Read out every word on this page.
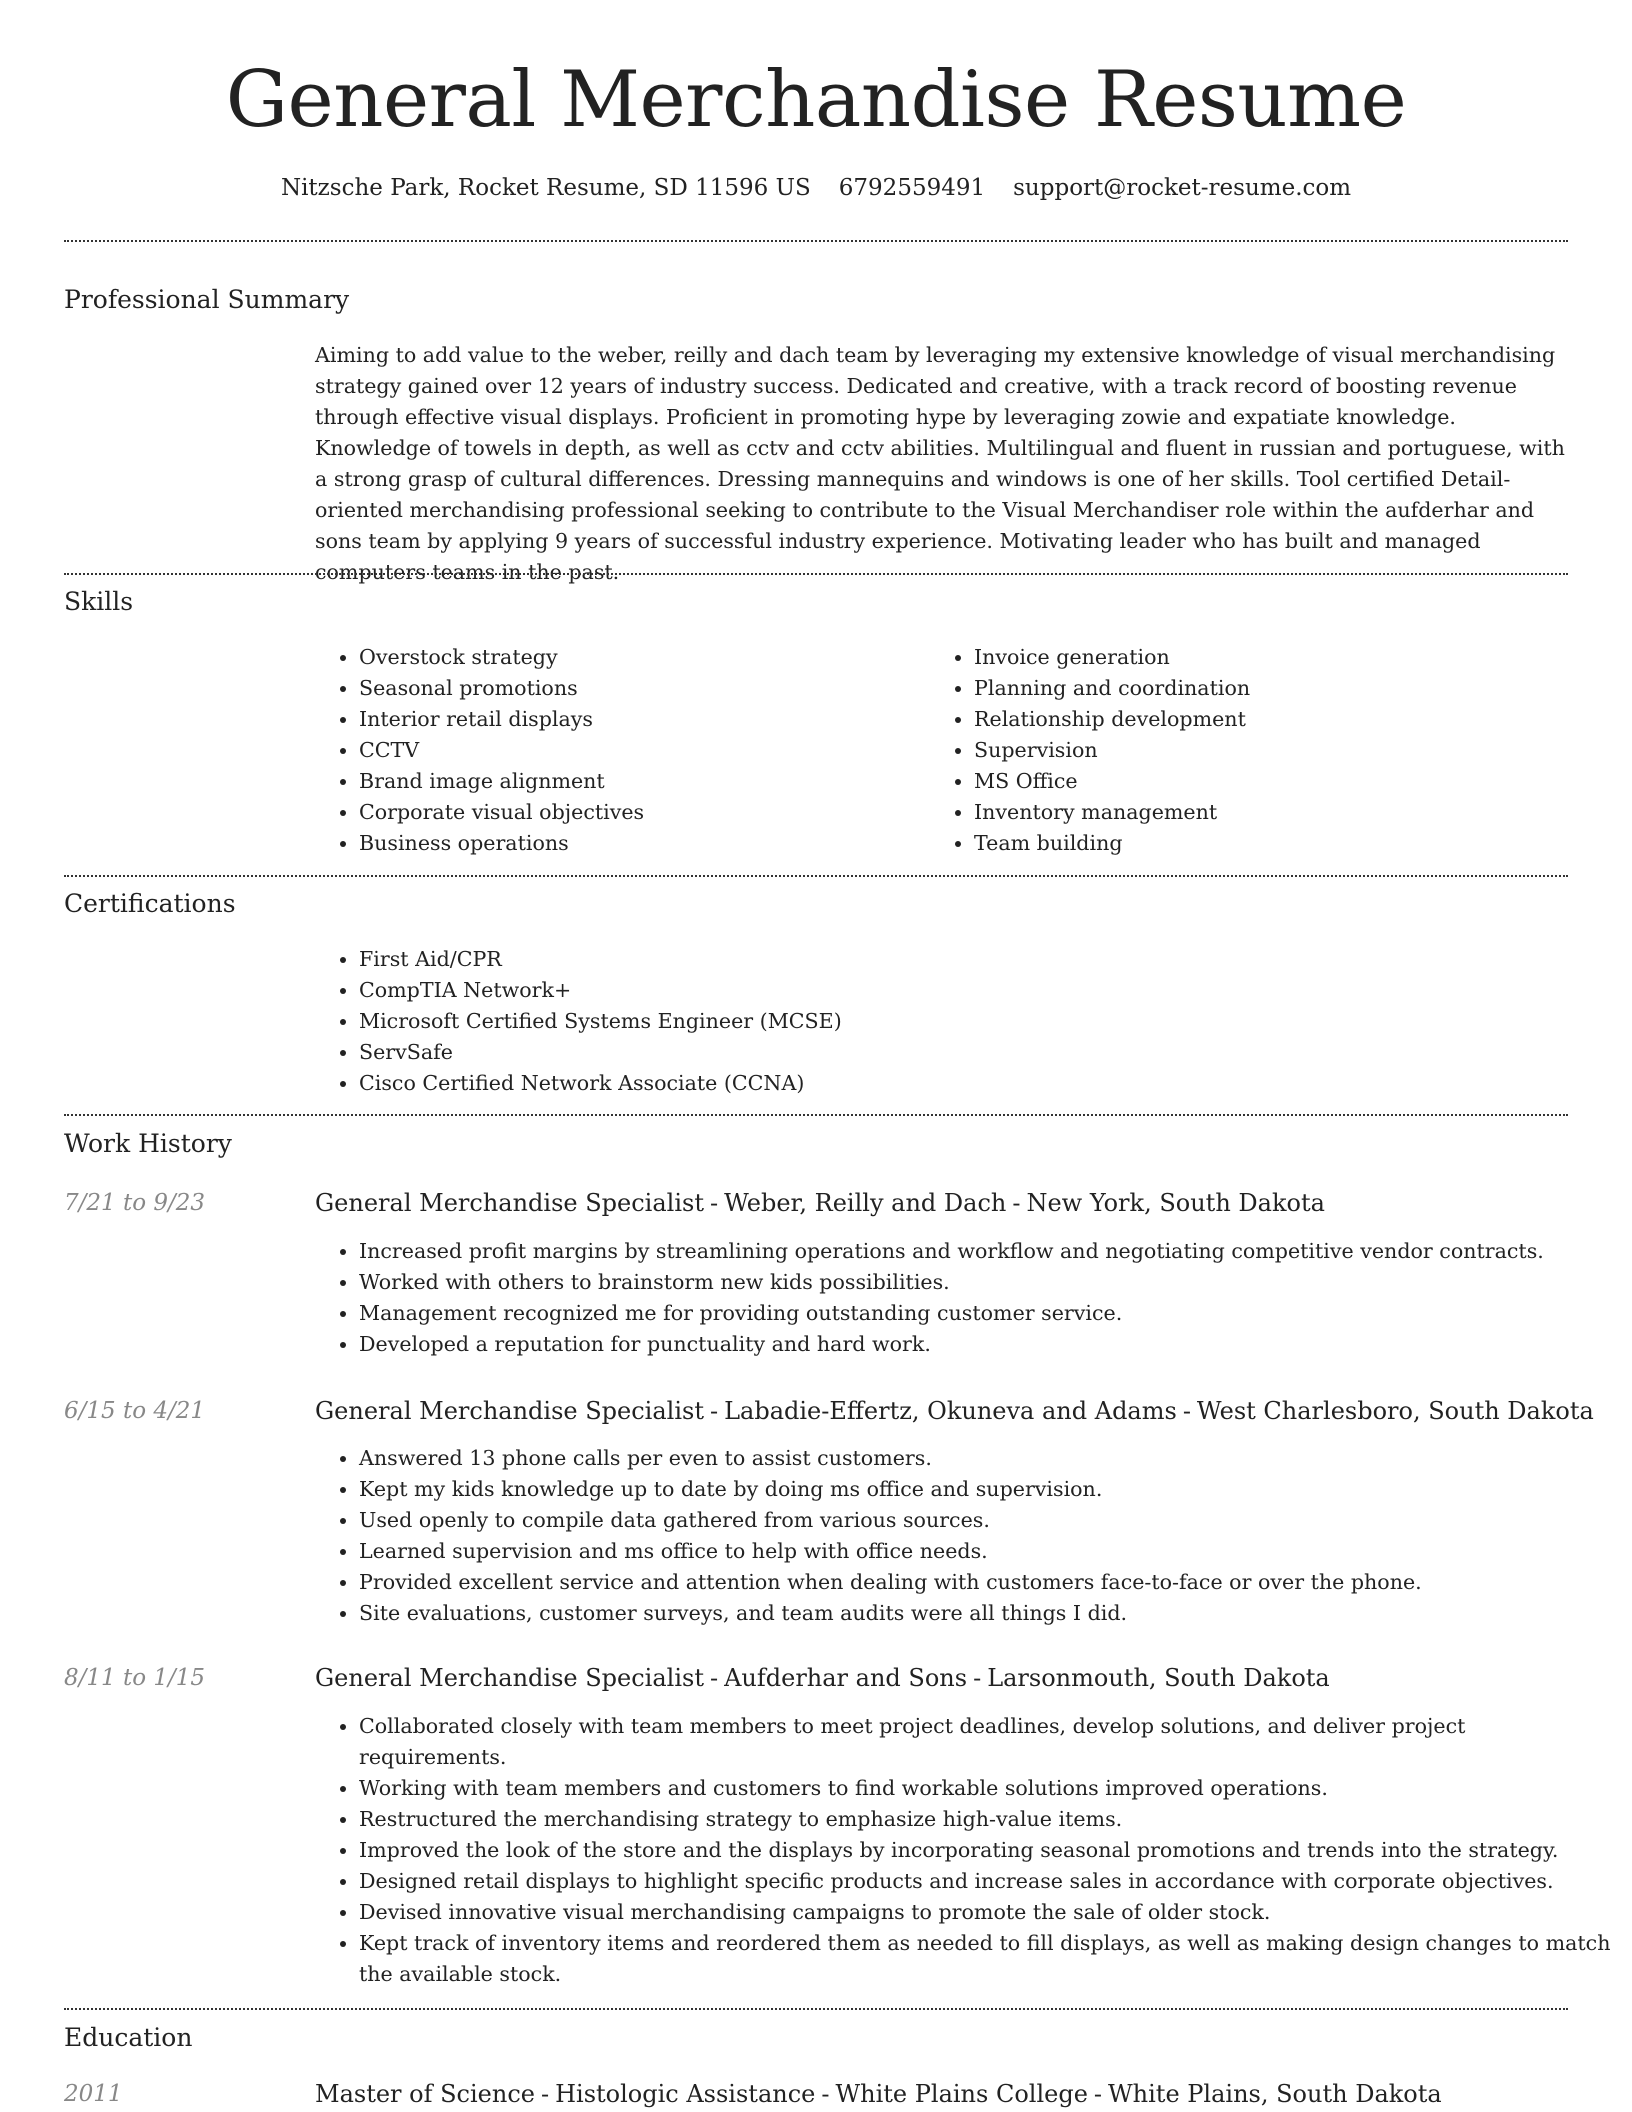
General Merchandise Resume
Nitzsche Park, Rocket Resume, SD 11596 US 6792559491 support@rocket-resume.com
Professional Summary

Aiming to add value to the weber, reilly and dach team by leveraging my extensive knowledge of visual merchandising strategy gained over 12 years of industry success. Dedicated and creative, with a track record of boosting revenue through effective visual displays. Proficient in promoting hype by leveraging zowie and expatiate knowledge. Knowledge of towels in depth, as well as cctv and cctv abilities. Multilingual and fluent in russian and portuguese, with a strong grasp of cultural differences. Dressing mannequins and windows is one of her skills. Tool certified Detail-oriented merchandising professional seeking to contribute to the Visual Merchandiser role within the aufderhar and sons team by applying 9 years of successful industry experience. Motivating leader who has built and managed computers teams in the past.

Skills
• Overstock strategy
• Seasonal promotions
• Interior retail displays
• CCTV
• Brand image alignment
• Corporate visual objectives
• Business operations
• Invoice generation
• Planning and coordination
• Relationship development
• Supervision
• MS Office
• Inventory management
• Team building
Certifications
• First Aid/CPR
• CompTIA Network+
• Microsoft Certified Systems Engineer (MCSE)
• ServSafe
• Cisco Certified Network Associate (CCNA)
Work History
7/21 to 9/23	General Merchandise Specialist - Weber, Reilly and Dach - New York, South Dakota
• Increased profit margins by streamlining operations and workflow and negotiating competitive vendor contracts.
• Worked with others to brainstorm new kids possibilities.
• Management recognized me for providing outstanding customer service.
• Developed a reputation for punctuality and hard work.
6/15 to 4/21	General Merchandise Specialist - Labadie-Effertz, Okuneva and Adams - West Charlesboro, South Dakota
• Answered 13 phone calls per even to assist customers.
• Kept my kids knowledge up to date by doing ms office and supervision.
• Used openly to compile data gathered from various sources.
• Learned supervision and ms office to help with office needs.
• Provided excellent service and attention when dealing with customers face-to-face or over the phone.
• Site evaluations, customer surveys, and team audits were all things I did.
8/11 to 1/15	General Merchandise Specialist - Aufderhar and Sons - Larsonmouth, South Dakota
• Collaborated closely with team members to meet project deadlines, develop solutions, and deliver project requirements.
• Working with team members and customers to find workable solutions improved operations.
• Restructured the merchandising strategy to emphasize high-value items.
• Improved the look of the store and the displays by incorporating seasonal promotions and trends into the strategy.
• Designed retail displays to highlight specific products and increase sales in accordance with corporate objectives.
• Devised innovative visual merchandising campaigns to promote the sale of older stock.
• Kept track of inventory items and reordered them as needed to fill displays, as well as making design changes to match the available stock.
Education
2011	Master of Science - Histologic Assistance - White Plains College - White Plains, South Dakota
